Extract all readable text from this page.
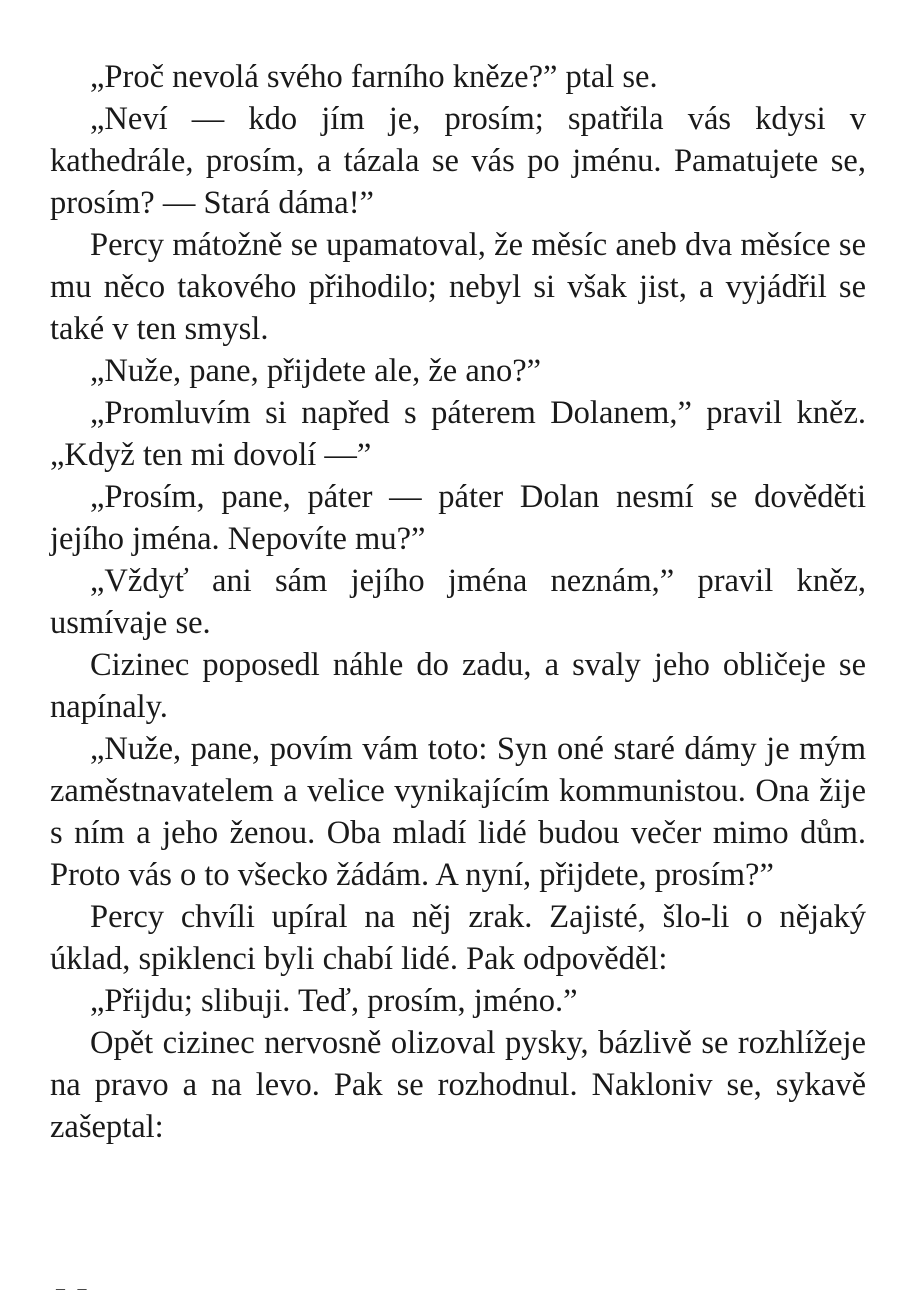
„Proč nevolá svého farního kněze?” ptal se.

„Neví — kdo jím je, prosím; spatřila vás kdysi v kathedrále, prosím, a tázala se vás po jménu. Pamatujete se, prosím? — Stará dáma!”

Percy mátožně se upamatoval, že měsíc aneb dva měsíce se mu něco takového přihodilo; nebyl si však jist, a vyjádřil se také v ten smysl.

„Nuže, pane, přijdete ale, že ano?”

„Promluvím si napřed s páterem Dolanem,” pravil kněz. „Když ten mi dovolí —”

„Prosím, pane, páter — páter Dolan nesmí se dověděti jejího jména. Nepovíte mu?”

„Vždyť ani sám jejího jména neznám,” pravil kněz, usmívaje se.

Cizinec poposedl náhle do zadu, a svaly jeho obličeje se napínaly.

„Nuže, pane, povím vám toto: Syn oné staré dámy je mým zaměstnavatelem a velice vynikajícím kommunistou. Ona žije s ním a jeho ženou. Oba mladí lidé budou večer mimo dům. Proto vás o to všecko žádám. A nyní, přijdete, prosím?”

Percy chvíli upíral na něj zrak. Zajisté, šlo-li o nějaký úklad, spiklenci byli chabí lidé. Pak odpověděl:

„Přijdu; slibuji. Teď, prosím, jméno.”

Opět cizinec nervosně olizoval pysky, bázlivě se rozhlížeje na pravo a na levo. Pak se rozhodnul. Nakloniv se, sykavě zašeptal:

– –
